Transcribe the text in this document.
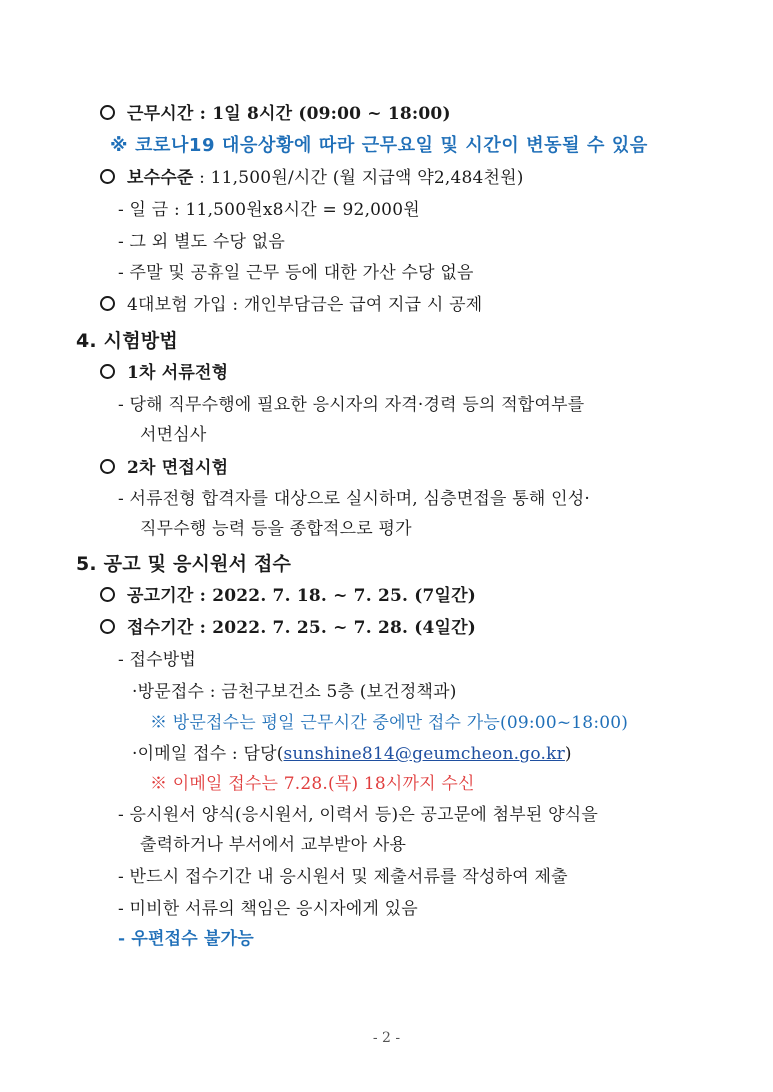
근무시간 : 1일 8시간 (09:00 ~ 18:00)
※ 코로나19 대응상황에 따라 근무요일 및 시간이 변동될 수 있음
보수수준 : 11,500원/시간 (월 지급액 약2,484천원)
- 일 금 : 11,500원x8시간 = 92,000원
- 그 외 별도 수당 없음
- 주말 및 공휴일 근무 등에 대한 가산 수당 없음
4대보험 가입 : 개인부담금은 급여 지급 시 공제
4. 시험방법
1차 서류전형
- 당해 직무수행에 필요한 응시자의 자격·경력 등의 적합여부를
서면심사
2차 면접시험
- 서류전형 합격자를 대상으로 실시하며, 심층면접을 통해 인성·
직무수행 능력 등을 종합적으로 평가
5. 공고 및 응시원서 접수
공고기간 : 2022. 7. 18. ~ 7. 25. (7일간)
접수기간 : 2022. 7. 25. ~ 7. 28. (4일간)
- 접수방법
·방문접수 : 금천구보건소 5층 (보건정책과)
※ 방문접수는 평일 근무시간 중에만 접수 가능(09:00~18:00)
·이메일 접수 : 담당(sunshine814@geumcheon.go.kr)
※ 이메일 접수는 7.28.(목) 18시까지 수신
- 응시원서 양식(응시원서, 이력서 등)은 공고문에 첨부된 양식을
출력하거나 부서에서 교부받아 사용
- 반드시 접수기간 내 응시원서 및 제출서류를 작성하여 제출
- 미비한 서류의 책임은 응시자에게 있음
- 우편접수 불가능
- 2 -
